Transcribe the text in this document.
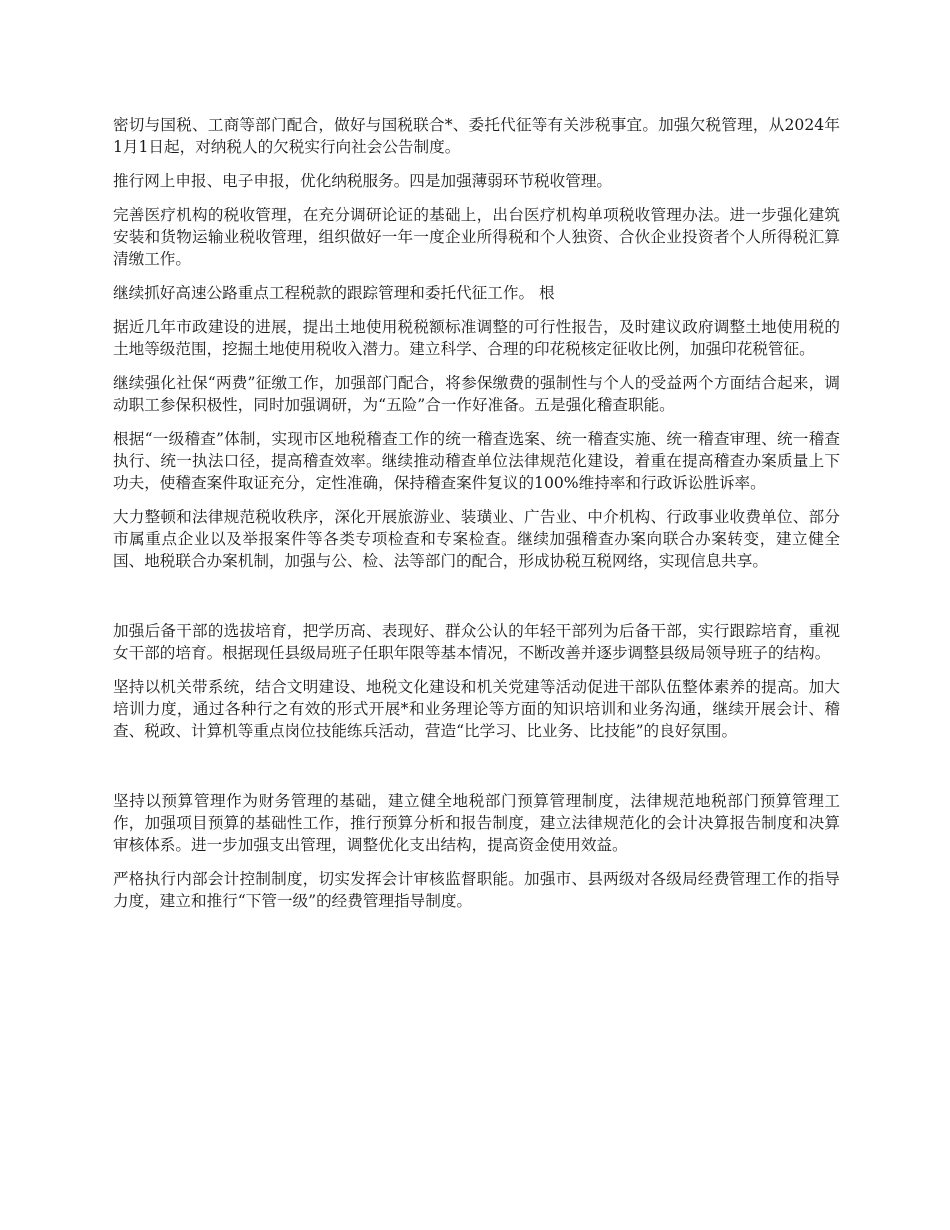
密切与国税、工商等部门配合，做好与国税联合*、委托代征等有关涉税事宜。加强欠税管理，从2024年1月1日起，对纳税人的欠税实行向社会公告制度。

推行网上申报、电子申报，优化纳税服务。四是加强薄弱环节税收管理。

完善医疗机构的税收管理，在充分调研论证的基础上，出台医疗机构单项税收管理办法。进一步强化建筑安装和货物运输业税收管理，组织做好一年一度企业所得税和个人独资、合伙企业投资者个人所得税汇算清缴工作。

继续抓好高速公路重点工程税款的跟踪管理和委托代征工作。 根

据近几年市政建设的进展，提出土地使用税税额标准调整的可行性报告，及时建议政府调整土地使用税的土地等级范围，挖掘土地使用税收入潜力。建立科学、合理的印花税核定征收比例，加强印花税管征。

继续强化社保“两费”征缴工作，加强部门配合，将参保缴费的强制性与个人的受益两个方面结合起来，调动职工参保积极性，同时加强调研，为“五险”合一作好准备。五是强化稽查职能。

根据“一级稽查”体制，实现市区地税稽查工作的统一稽查选案、统一稽查实施、统一稽查审理、统一稽查执行、统一执法口径，提高稽查效率。继续推动稽查单位法律规范化建设，着重在提高稽查办案质量上下功夫，使稽查案件取证充分，定性准确，保持稽查案件复议的100%维持率和行政诉讼胜诉率。

大力整顿和法律规范税收秩序，深化开展旅游业、装璜业、广告业、中介机构、行政事业收费单位、部分市属重点企业以及举报案件等各类专项检查和专案检查。继续加强稽查办案向联合办案转变，建立健全国、地税联合办案机制，加强与公、检、法等部门的配合，形成协税互税网络，实现信息共享。

加强后备干部的选拔培育，把学历高、表现好、群众公认的年轻干部列为后备干部，实行跟踪培育，重视女干部的培育。根据现任县级局班子任职年限等基本情况，不断改善并逐步调整县级局领导班子的结构。

坚持以机关带系统，结合文明建设、地税文化建设和机关党建等活动促进干部队伍整体素养的提高。加大培训力度，通过各种行之有效的形式开展*和业务理论等方面的知识培训和业务沟通，继续开展会计、稽查、税政、计算机等重点岗位技能练兵活动，营造“比学习、比业务、比技能”的良好氛围。

坚持以预算管理作为财务管理的基础，建立健全地税部门预算管理制度，法律规范地税部门预算管理工作，加强项目预算的基础性工作，推行预算分析和报告制度，建立法律规范化的会计决算报告制度和决算审核体系。进一步加强支出管理，调整优化支出结构，提高资金使用效益。

严格执行内部会计控制制度，切实发挥会计审核监督职能。加强市、县两级对各级局经费管理工作的指导力度，建立和推行“下管一级”的经费管理指导制度。
